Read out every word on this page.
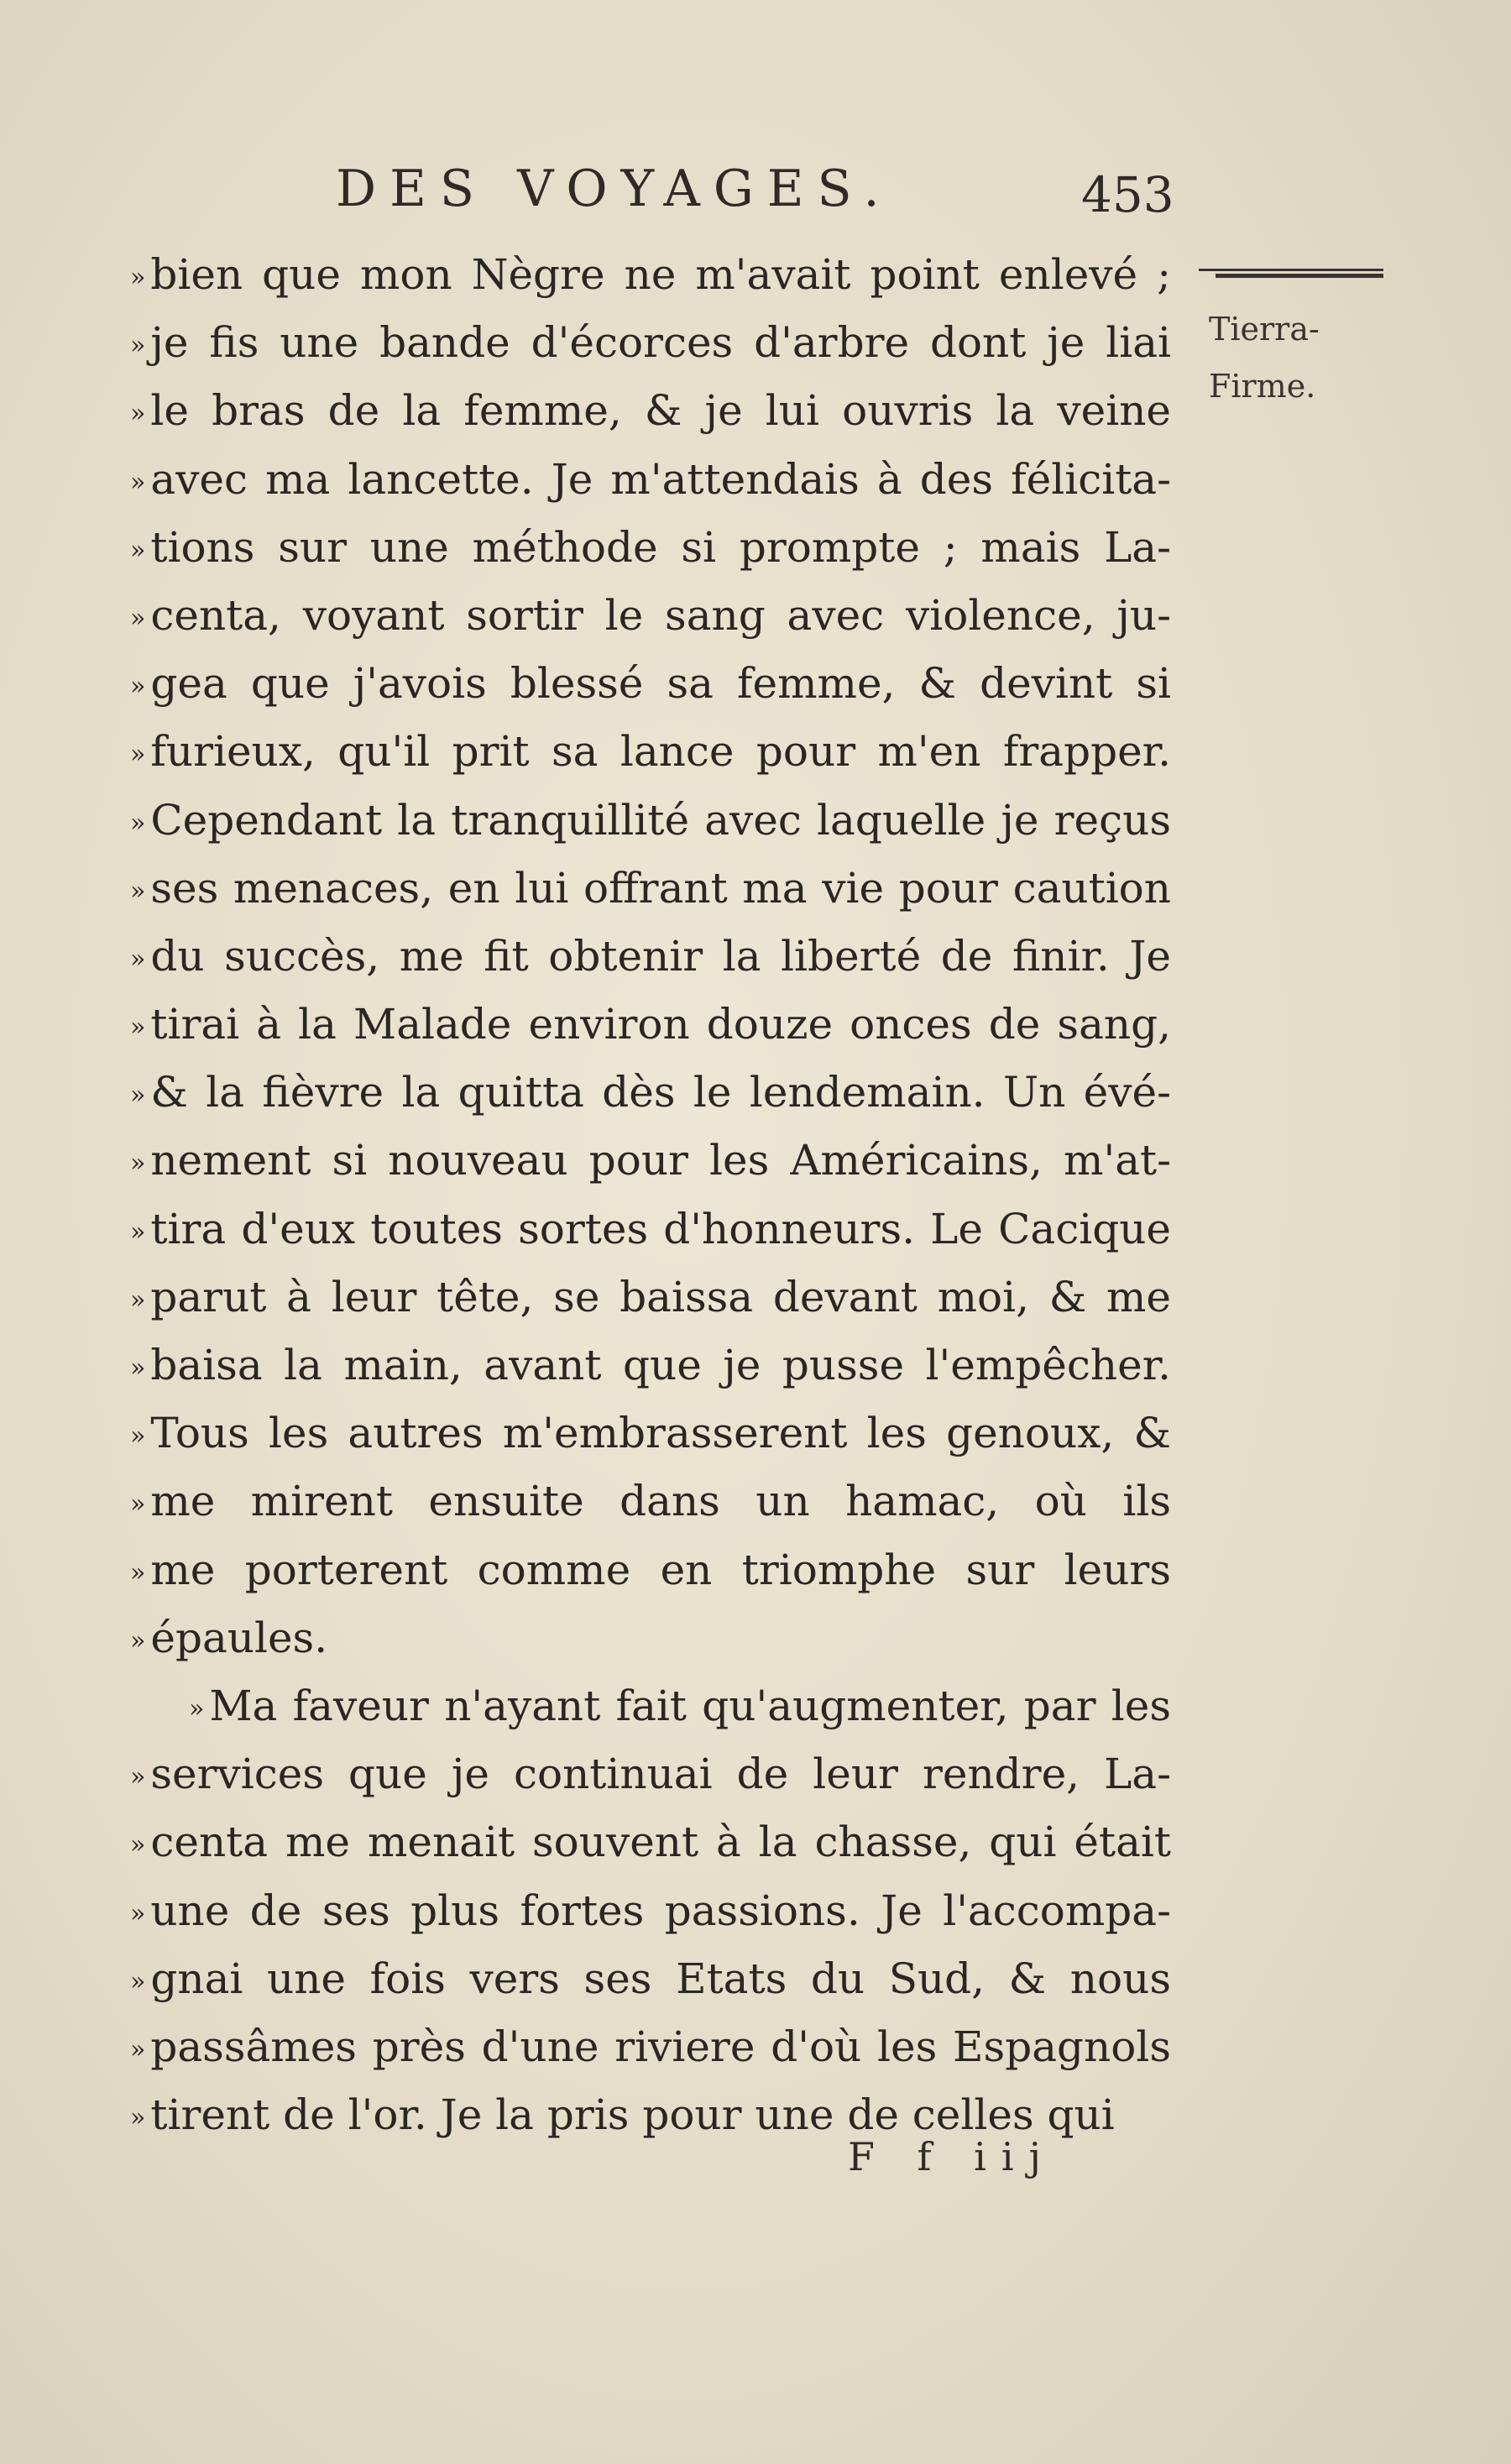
DES VOYAGES.	453
Tierra-
Firme.
» bien que mon Nègre ne m'avait point enlevé ;
» je fis une bande d'écorces d'arbre dont je liai
» le bras de la femme, & je lui ouvris la veine
» avec ma lancette. Je m'attendais à des félicita-
» tions sur une méthode si prompte ; mais La-
» centa, voyant sortir le sang avec violence, ju-
» gea que j'avois blessé sa femme, & devint si
» furieux, qu'il prit sa lance pour m'en frapper.
» Cependant la tranquillité avec laquelle je reçus
» ses menaces, en lui offrant ma vie pour caution
» du succès, me fit obtenir la liberté de finir. Je
» tirai à la Malade environ douze onces de sang,
» & la fièvre la quitta dès le lendemain. Un évé-
» nement si nouveau pour les Américains, m'at-
» tira d'eux toutes sortes d'honneurs. Le Cacique
» parut à leur tête, se baissa devant moi, & me
» baisa la main, avant que je pusse l'empêcher.
» Tous les autres m'embrasserent les genoux, &
» me mirent ensuite dans un hamac, où ils
» me porterent comme en triomphe sur leurs
» épaules.
» Ma faveur n'ayant fait qu'augmenter, par les
» services que je continuai de leur rendre, La-
» centa me menait souvent à la chasse, qui était
» une de ses plus fortes passions. Je l'accompa-
» gnai une fois vers ses Etats du Sud, & nous
» passâmes près d'une riviere d'où les Espagnols
» tirent de l'or. Je la pris pour une de celles qui
F f iij
